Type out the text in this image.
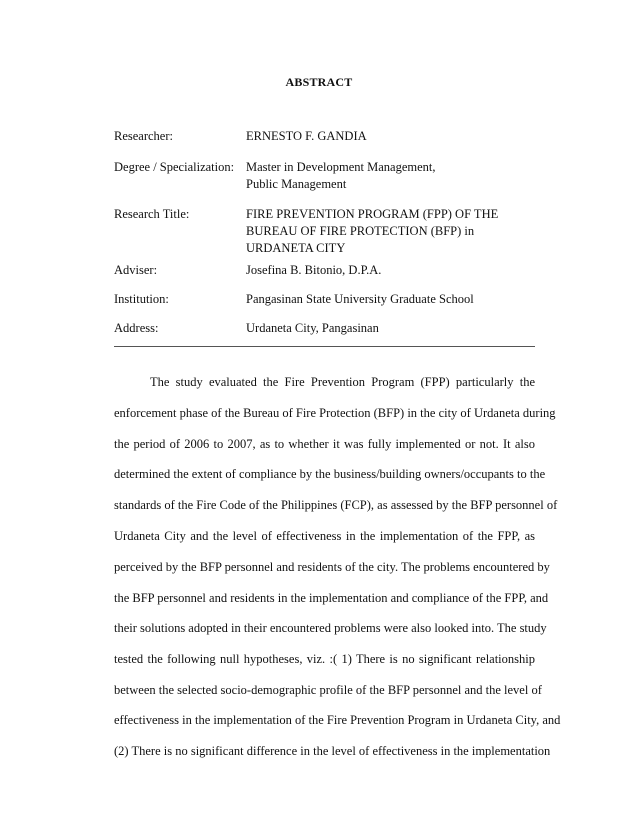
ABSTRACT
Researcher:	ERNESTO F. GANDIA
Degree / Specialization: Master in Development Management,
Public Management
Research Title:	FIRE PREVENTION PROGRAM (FPP) OF THE
BUREAU OF FIRE PROTECTION (BFP) in
URDANETA CITY
Adviser:	Josefina B. Bitonio, D.P.A.
Institution:	Pangasinan State University Graduate School
Address:	Urdaneta City, Pangasinan
The study evaluated the Fire Prevention Program (FPP) particularly the
enforcement phase of the Bureau of Fire Protection (BFP) in the city of Urdaneta during
the period of 2006 to 2007, as to whether it was fully implemented or not. It also
determined the extent of compliance by the business/building owners/occupants to the
standards of the Fire Code of the Philippines (FCP), as assessed by the BFP personnel of
Urdaneta City and the level of effectiveness in the implementation of the FPP, as
perceived by the BFP personnel and residents of the city. The problems encountered by
the BFP personnel and residents in the implementation and compliance of the FPP, and
their solutions adopted in their encountered problems were also looked into. The study
tested the following null hypotheses, viz. :( 1) There is no significant relationship
between the selected socio-demographic profile of the BFP personnel and the level of
effectiveness in the implementation of the Fire Prevention Program in Urdaneta City, and
(2) There is no significant difference in the level of effectiveness in the implementation
